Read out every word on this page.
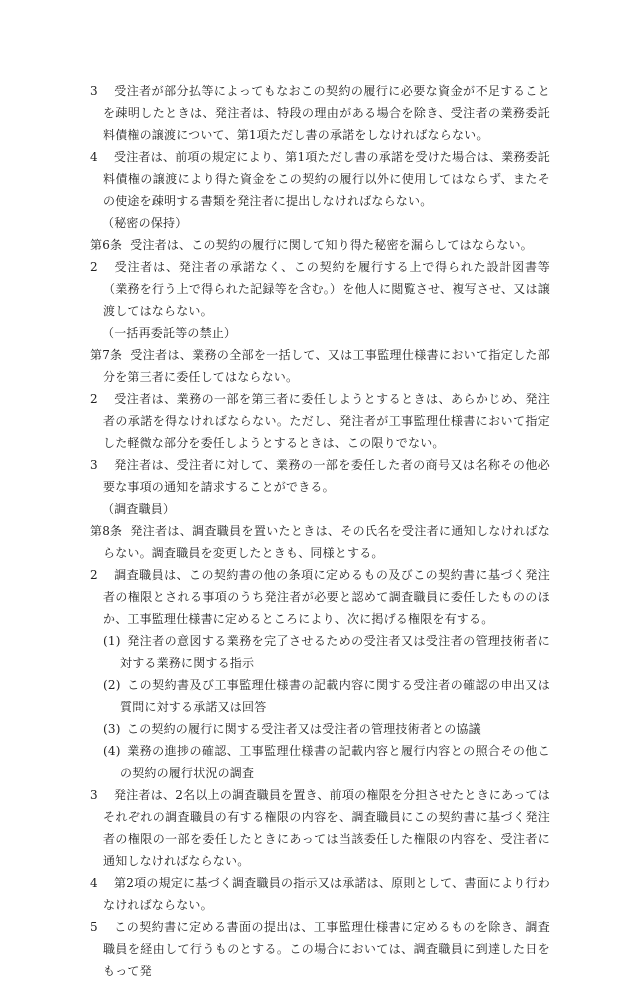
3 受注者が部分払等によってもなおこの契約の履行に必要な資金が不足することを疎明したときは、発注者は、特段の理由がある場合を除き、受注者の業務委託料債権の譲渡について、第1項ただし書の承諾をしなければならない。

4 受注者は、前項の規定により、第1項ただし書の承諾を受けた場合は、業務委託料債権の譲渡により得た資金をこの契約の履行以外に使用してはならず、またその使途を疎明する書類を発注者に提出しなければならない。

（秘密の保持）

第6条 受注者は、この契約の履行に関して知り得た秘密を漏らしてはならない。

2 受注者は、発注者の承諾なく、この契約を履行する上で得られた設計図書等（業務を行う上で得られた記録等を含む。）を他人に閲覧させ、複写させ、又は譲渡してはならない。

（一括再委託等の禁止）

第7条 受注者は、業務の全部を一括して、又は工事監理仕様書において指定した部分を第三者に委任してはならない。

2 受注者は、業務の一部を第三者に委任しようとするときは、あらかじめ、発注者の承諾を得なければならない。ただし、発注者が工事監理仕様書において指定した軽微な部分を委任しようとするときは、この限りでない。

3 発注者は、受注者に対して、業務の一部を委任した者の商号又は名称その他必要な事項の通知を請求することができる。

（調査職員）

第8条 発注者は、調査職員を置いたときは、その氏名を受注者に通知しなければならない。調査職員を変更したときも、同様とする。

2 調査職員は、この契約書の他の条項に定めるもの及びこの契約書に基づく発注者の権限とされる事項のうち発注者が必要と認めて調査職員に委任したもののほか、工事監理仕様書に定めるところにより、次に掲げる権限を有する。

(1) 発注者の意図する業務を完了させるための受注者又は受注者の管理技術者に対する業務に関する指示

(2) この契約書及び工事監理仕様書の記載内容に関する受注者の確認の申出又は質問に対する承諾又は回答

(3) この契約の履行に関する受注者又は受注者の管理技術者との協議

(4) 業務の進捗の確認、工事監理仕様書の記載内容と履行内容との照合その他この契約の履行状況の調査

3 発注者は、2名以上の調査職員を置き、前項の権限を分担させたときにあってはそれぞれの調査職員の有する権限の内容を、調査職員にこの契約書に基づく発注者の権限の一部を委任したときにあっては当該委任した権限の内容を、受注者に通知しなければならない。

4 第2項の規定に基づく調査職員の指示又は承諾は、原則として、書面により行わなければならない。

5 この契約書に定める書面の提出は、工事監理仕様書に定めるものを除き、調査職員を経由して行うものとする。この場合においては、調査職員に到達した日をもって発
